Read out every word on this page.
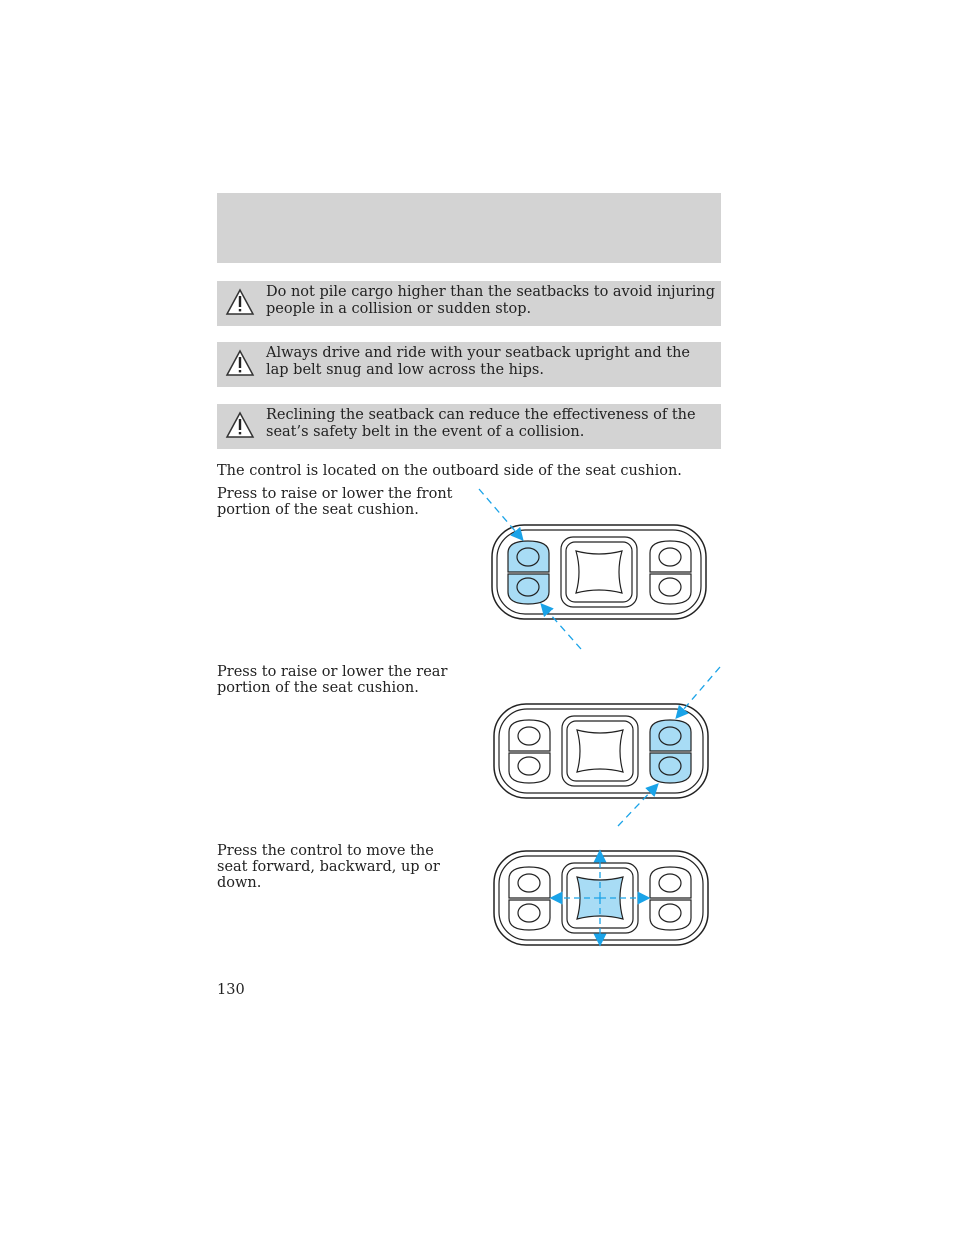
Do not pile cargo higher than the seatbacks to avoid injuring people in a collision or sudden stop.
Always drive and ride with your seatback upright and the lap belt snug and low across the hips.
Reclining the seatback can reduce the effectiveness of the seat’s safety belt in the event of a collision.
The control is located on the outboard side of the seat cushion.
Press to raise or lower the front portion of the seat cushion.
Press to raise or lower the rear portion of the seat cushion.
Press the control to move the seat forward, backward, up or down.
130
